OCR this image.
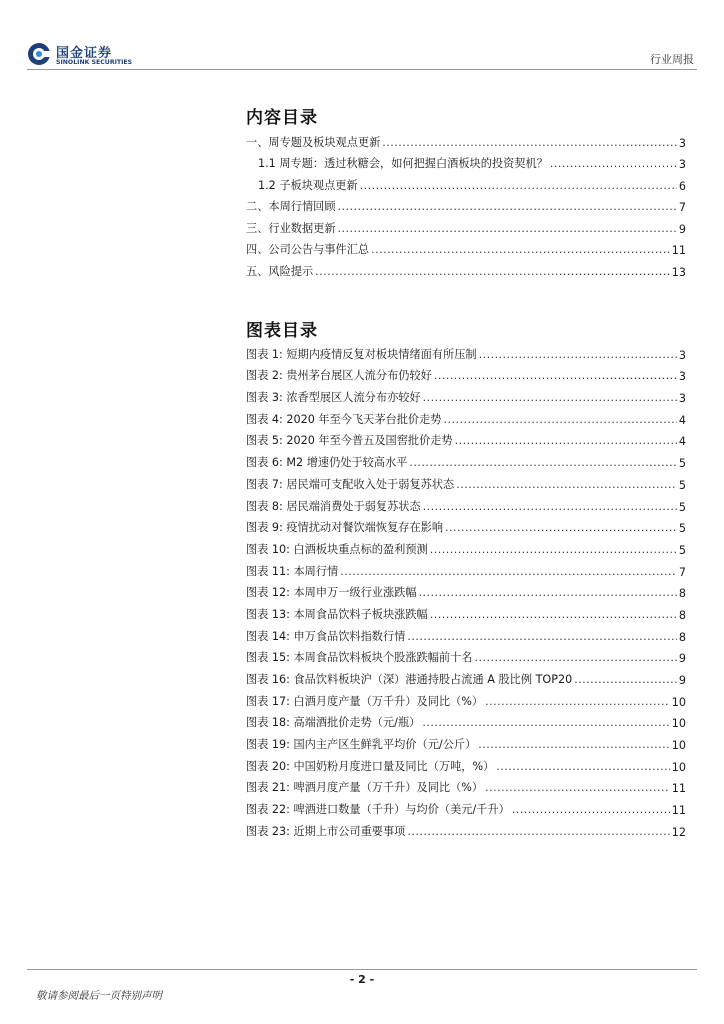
国金证券
SINOLINK SECURITIES	行业周报
内容目录
一、周专题及板块观点更新 .....	3
1.1 周专题：透过秋糖会，如何把握白酒板块的投资契机？ .....	3
1.2 子板块观点更新 .....	6
二、本周行情回顾 .....	7
三、行业数据更新 .....	9
四、公司公告与事件汇总 .....	11
五、风险提示 .....	13
图表目录
图表 1: 短期内疫情反复对板块情绪面有所压制 .....	3
图表 2: 贵州茅台展区人流分布仍较好 .....	3
图表 3: 浓香型展区人流分布亦较好 .....	3
图表 4: 2020 年至今飞天茅台批价走势 .....	4
图表 5: 2020 年至今普五及国窖批价走势 .....	4
图表 6: M2 增速仍处于较高水平 .....	5
图表 7: 居民端可支配收入处于弱复苏状态 .....	5
图表 8: 居民端消费处于弱复苏状态 .....	5
图表 9: 疫情扰动对餐饮端恢复存在影响 .....	5
图表 10: 白酒板块重点标的盈利预测 .....	5
图表 11: 本周行情 .....	7
图表 12: 本周申万一级行业涨跌幅 .....	8
图表 13: 本周食品饮料子板块涨跌幅 .....	8
图表 14: 申万食品饮料指数行情 .....	8
图表 15: 本周食品饮料板块个股涨跌幅前十名 .....	9
图表 16: 食品饮料板块沪（深）港通持股占流通 A 股比例 TOP20 .....	9
图表 17: 白酒月度产量（万千升）及同比（%） .....	10
图表 18: 高端酒批价走势（元/瓶） .....	10
图表 19: 国内主产区生鲜乳平均价（元/公斤） .....	10
图表 20: 中国奶粉月度进口量及同比（万吨，%） .....	10
图表 21: 啤酒月度产量（万千升）及同比（%） .....	11
图表 22: 啤酒进口数量（千升）与均价（美元/千升） .....	11
图表 23: 近期上市公司重要事项 .....	12
- 2 -
敬请参阅最后一页特别声明
